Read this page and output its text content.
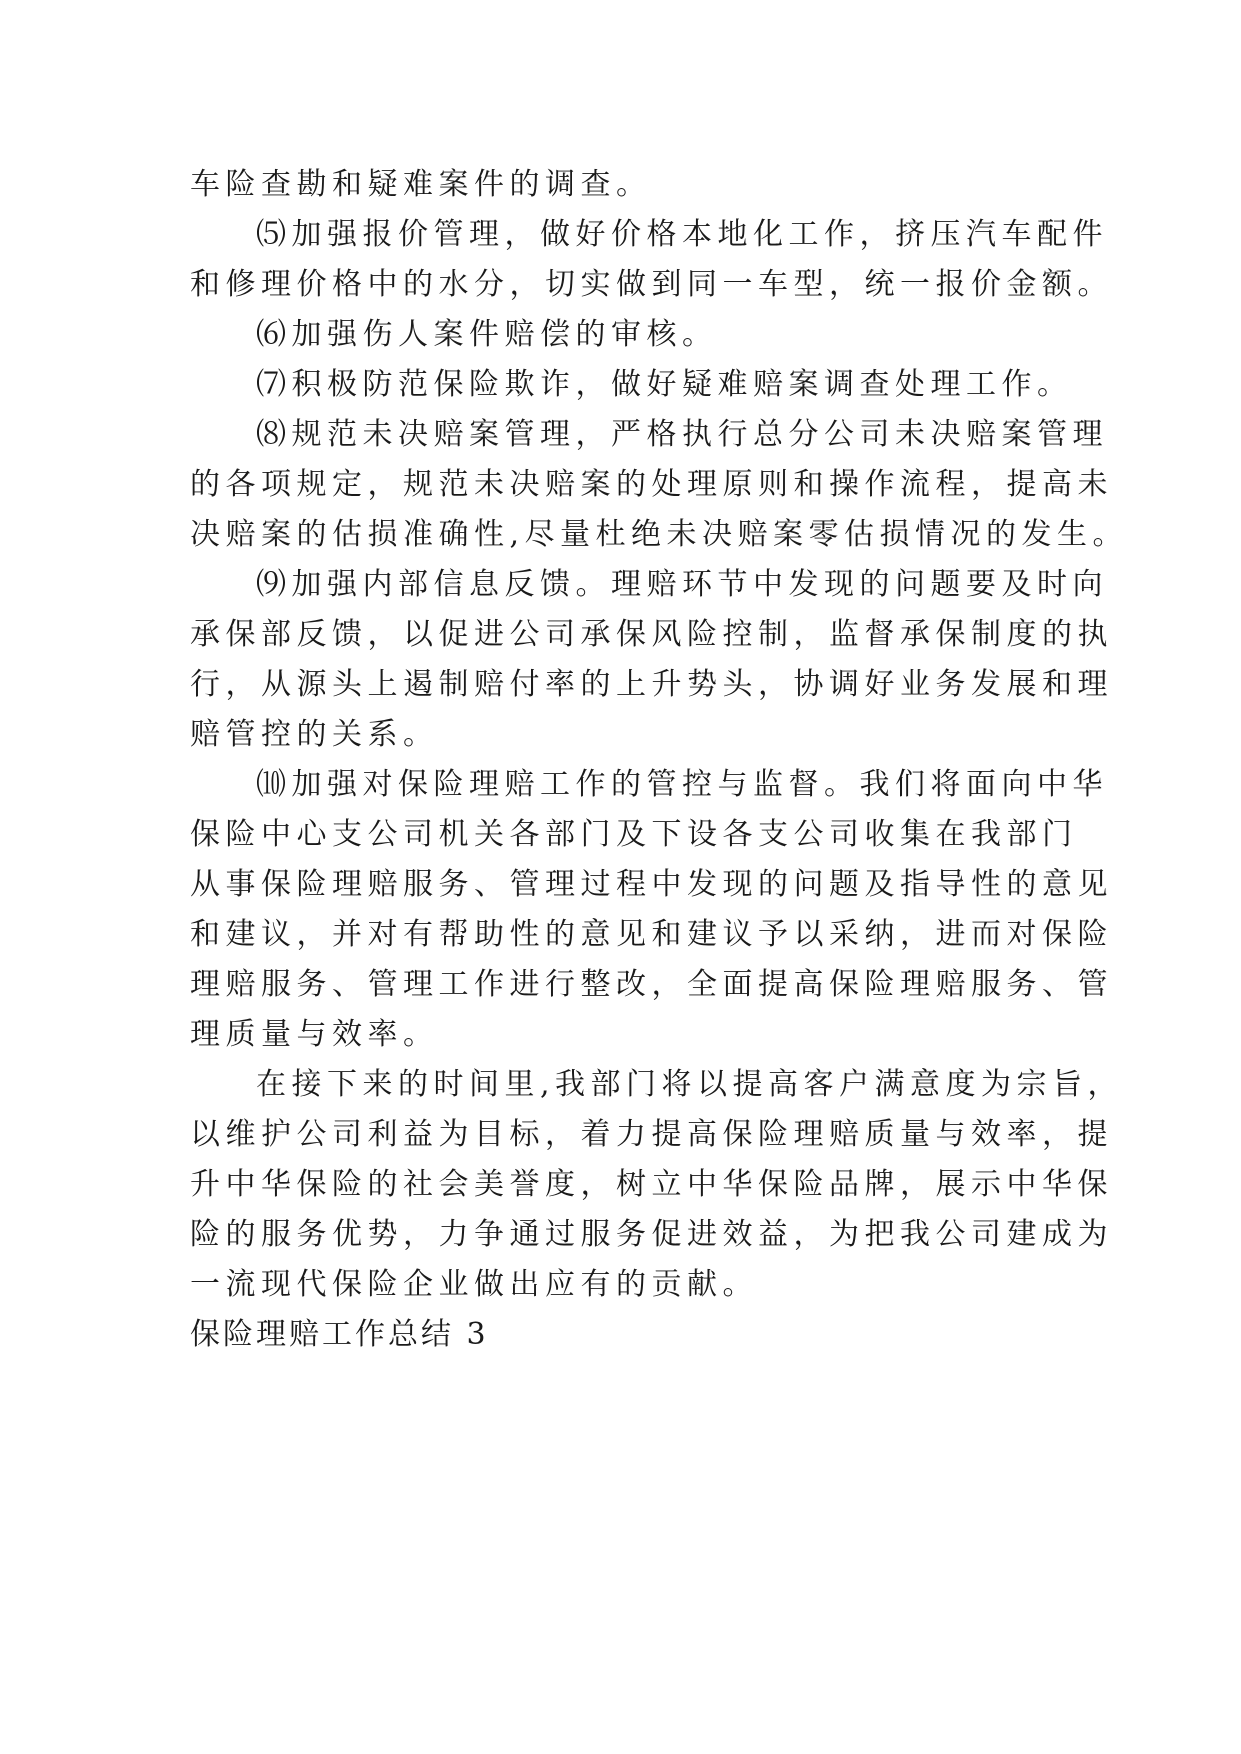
车险查勘和疑难案件的调查。
⑸加强报价管理，做好价格本地化工作，挤压汽车配件
和修理价格中的水分，切实做到同一车型，统一报价金额。
⑹加强伤人案件赔偿的审核。
⑺积极防范保险欺诈，做好疑难赔案调查处理工作。
⑻规范未决赔案管理，严格执行总分公司未决赔案管理
的各项规定，规范未决赔案的处理原则和操作流程，提高未
决赔案的估损准确性,尽量杜绝未决赔案零估损情况的发生。
⑼加强内部信息反馈。理赔环节中发现的问题要及时向
承保部反馈，以促进公司承保风险控制，监督承保制度的执
行，从源头上遏制赔付率的上升势头，协调好业务发展和理
赔管控的关系。
⑽加强对保险理赔工作的管控与监督。我们将面向中华
保险中心支公司机关各部门及下设各支公司收集在我部门
从事保险理赔服务、管理过程中发现的问题及指导性的意见
和建议，并对有帮助性的意见和建议予以采纳，进而对保险
理赔服务、管理工作进行整改，全面提高保险理赔服务、管
理质量与效率。
在接下来的时间里,我部门将以提高客户满意度为宗旨，
以维护公司利益为目标，着力提高保险理赔质量与效率，提
升中华保险的社会美誉度，树立中华保险品牌，展示中华保
险的服务优势，力争通过服务促进效益，为把我公司建成为
一流现代保险企业做出应有的贡献。
保险理赔工作总结 3
